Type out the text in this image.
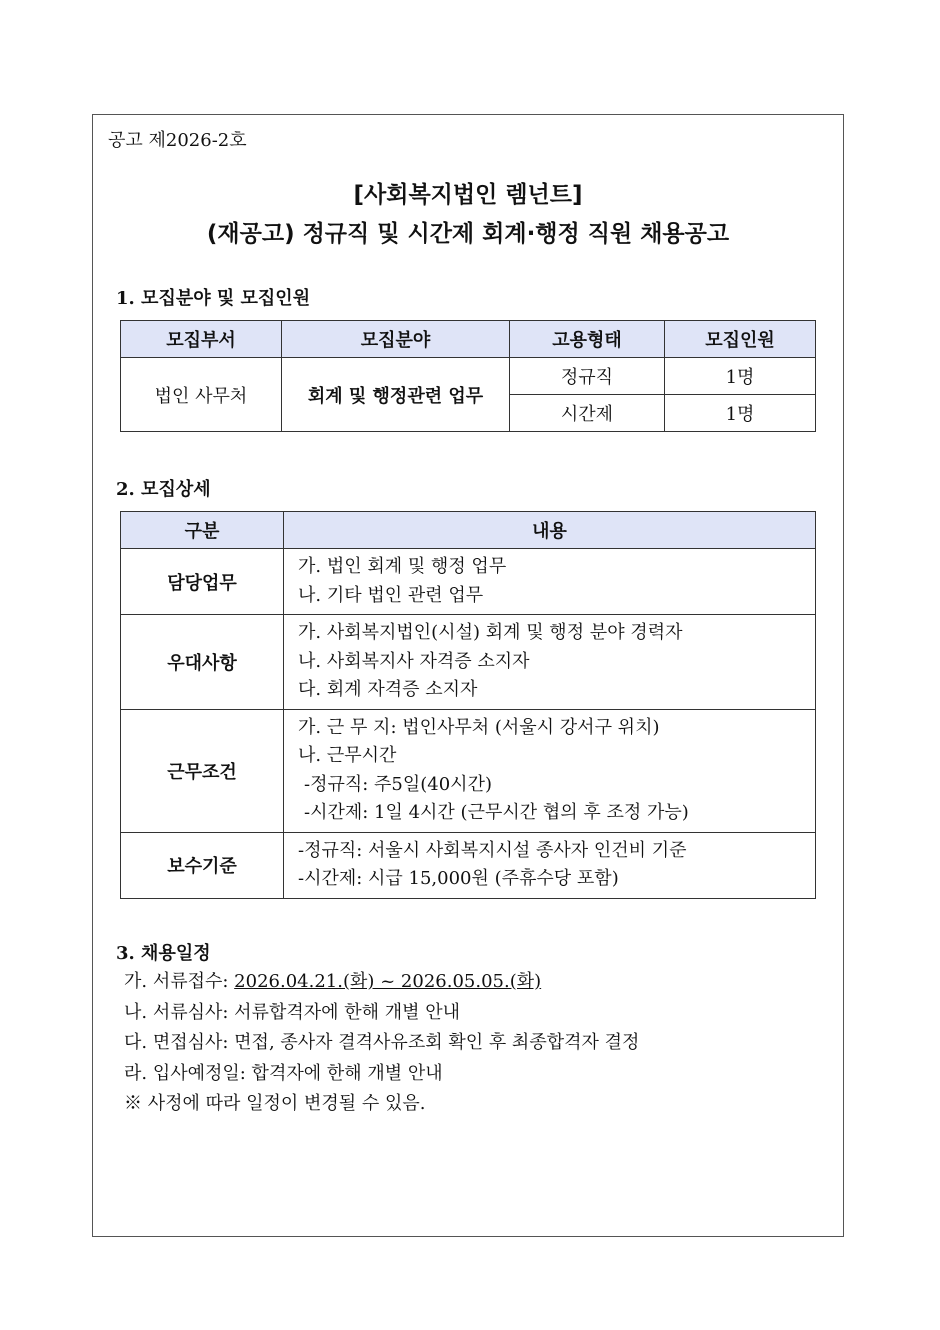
공고 제2026-2호
[사회복지법인 렘넌트]
(재공고) 정규직 및 시간제 회계·행정 직원 채용공고
1. 모집분야 및 모집인원
모집부서	모집분야	고용형태	모집인원
법인 사무처	회계 및 행정관련 업무	정규직	1명
		시간제	1명
2. 모집상세
구분	내용
담당업무	가. 법인 회계 및 행정 업무
나. 기타 법인 관련 업무

우대사항	가. 사회복지법인(시설) 회계 및 행정 분야 경력자
나. 사회복지사 자격증 소지자
다. 회계 자격증 소지자

근무조건	가. 근 무 지: 법인사무처 (서울시 강서구 위치)
나. 근무시간
-정규직: 주5일(40시간)
-시간제: 1일 4시간 (근무시간 협의 후 조정 가능)

보수기준	-정규직: 서울시 사회복지시설 종사자 인건비 기준
-시간제: 시급 15,000원 (주휴수당 포함)
3. 채용일정
가. 서류접수: 2026.04.21.(화) ~ 2026.05.05.(화)
나. 서류심사: 서류합격자에 한해 개별 안내
다. 면접심사: 면접, 종사자 결격사유조회 확인 후 최종합격자 결정
라. 입사예정일: 합격자에 한해 개별 안내
※ 사정에 따라 일정이 변경될 수 있음.
